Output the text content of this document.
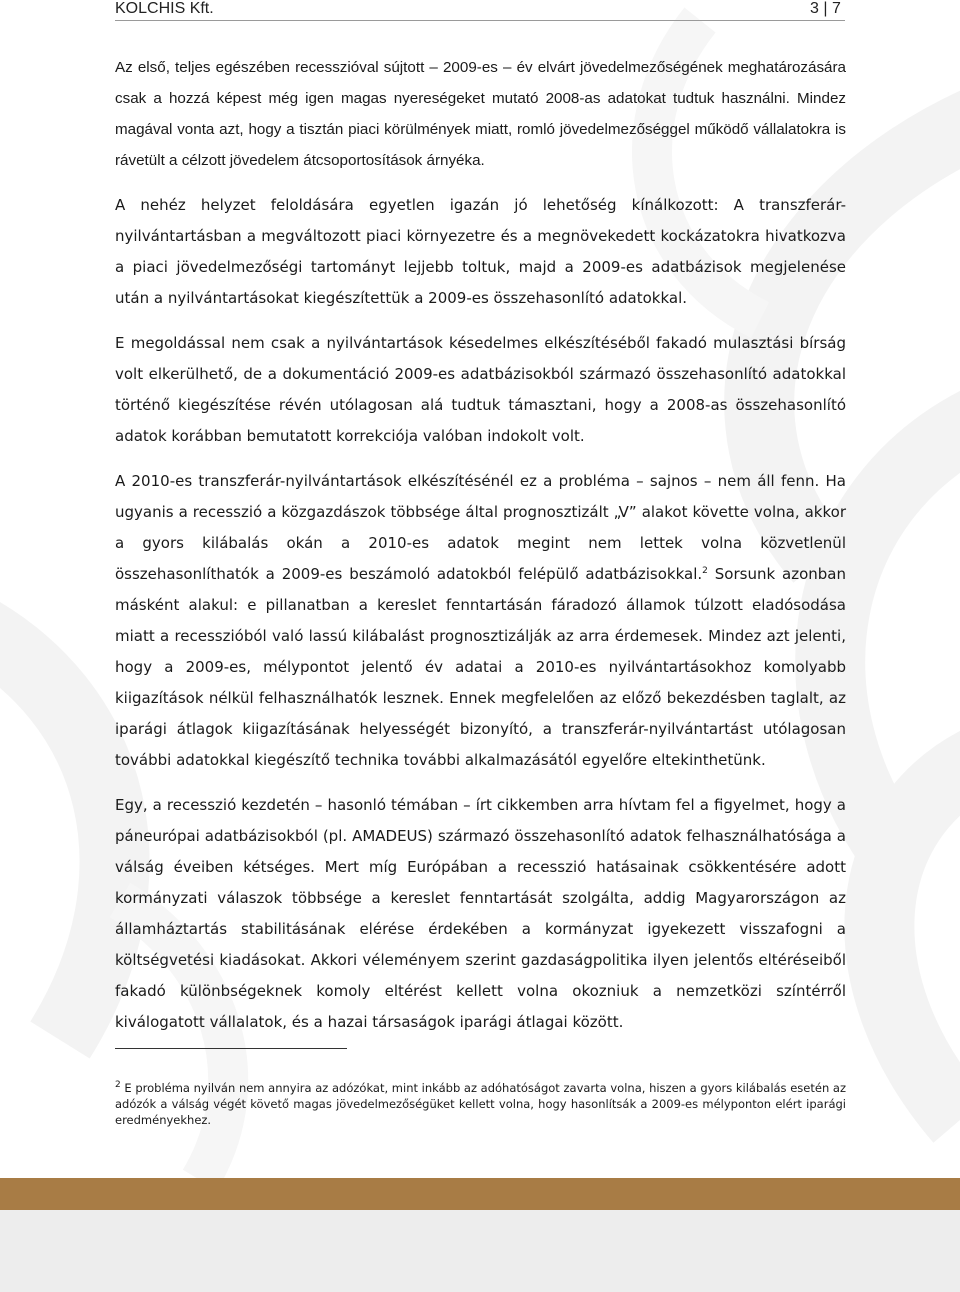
KOLCHIS Kft.	3 | 7

Az első, teljes egészében recesszióval sújtott – 2009-es – év elvárt jövedelmezőségének meghatározására csak a hozzá képest még igen magas nyereségeket mutató 2008-as adatokat tudtuk használni. Mindez magával vonta azt, hogy a tisztán piaci körülmények miatt, romló jövedelmezőséggel működő vállalatokra is rávetült a célzott jövedelem átcsoportosítások árnyéka.

A nehéz helyzet feloldására egyetlen igazán jó lehetőség kínálkozott: A transzferár-nyilvántartásban a megváltozott piaci környezetre és a megnövekedett kockázatokra hivatkozva a piaci jövedelmezőségi tartományt lejjebb toltuk, majd a 2009-es adatbázisok megjelenése után a nyilvántartásokat kiegészítettük a 2009-es összehasonlító adatokkal.

E megoldással nem csak a nyilvántartások késedelmes elkészítéséből fakadó mulasztási bírság volt elkerülhető, de a dokumentáció 2009-es adatbázisokból származó összehasonlító adatokkal történő kiegészítése révén utólagosan alá tudtuk támasztani, hogy a 2008-as összehasonlító adatok korábban bemutatott korrekciója valóban indokolt volt.

A 2010-es transzferár-nyilvántartások elkészítésénél ez a probléma – sajnos – nem áll fenn. Ha ugyanis a recesszió a közgazdászok többsége által prognosztizált „V” alakot követte volna, akkor a gyors kilábalás okán a 2010-es adatok megint nem lettek volna közvetlenül összehasonlíthatók a 2009-es beszámoló adatokból felépülő adatbázisokkal.$^2$ Sorsunk azonban másként alakul: e pillanatban a kereslet fenntartásán fáradozó államok túlzott eladósodása miatt a recesszióból való lassú kilábalást prognosztizálják az arra érdemesek. Mindez azt jelenti, hogy a 2009-es, mélypontot jelentő év adatai a 2010-es nyilvántartásokhoz komolyabb kiigazítások nélkül felhasználhatók lesznek. Ennek megfelelően az előző bekezdésben taglalt, az iparági átlagok kiigazításának helyességét bizonyító, a transzferár-nyilvántartást utólagosan további adatokkal kiegészítő technika további alkalmazásától egyelőre eltekinthetünk.

Egy, a recesszió kezdetén – hasonló témában – írt cikkemben arra hívtam fel a figyelmet, hogy a páneurópai adatbázisokból (pl. AMADEUS) származó összehasonlító adatok felhasználhatósága a válság éveiben kétséges. Mert míg Európában a recesszió hatásainak csökkentésére adott kormányzati válaszok többsége a kereslet fenntartását szolgálta, addig Magyarországon az államháztartás stabilitásának elérése érdekében a kormányzat igyekezett visszafogni a költségvetési kiadásokat. Akkori véleményem szerint gazdaságpolitika ilyen jelentős eltéréseiből fakadó különbségeknek komoly eltérést kellett volna okozniuk a nemzetközi színtérről kiválogatott vállalatok, és a hazai társaságok iparági átlagai között.

$^2$ E probléma nyilván nem annyira az adózókat, mint inkább az adóhatóságot zavarta volna, hiszen a gyors kilábalás esetén az adózók a válság végét követő magas jövedelmezőségüket kellett volna, hogy hasonlítsák a 2009-es mélyponton elért iparági eredményekhez.
